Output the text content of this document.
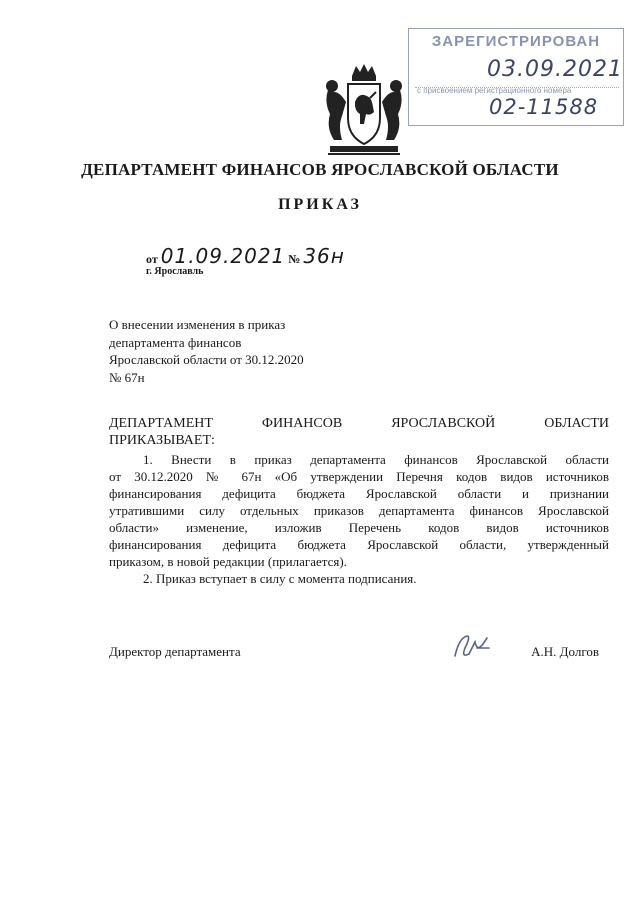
ЗАРЕГИСТРИРОВАН
03.09.2021
с присвоением регистрационного номера
02-11588
ДЕПАРТАМЕНТ ФИНАНСОВ ЯРОСЛАВСКОЙ ОБЛАСТИ
ПРИКАЗ
от 01.09.2021 № 36н
г. Ярославль
О внесении изменения в приказ
департамента финансов
Ярославской области от 30.12.2020
№ 67н
ДЕПАРТАМЕНТ	ФИНАНСОВ	ЯРОСЛАВСКОЙ	ОБЛАСТИ
ПРИКАЗЫВАЕТ:

1. Внести в приказ департамента финансов Ярославской области
от 30.12.2020 № 67н «Об утверждении Перечня кодов видов источников
финансирования дефицита бюджета Ярославской области и признании
утратившими силу отдельных приказов департамента финансов Ярославской
области» изменение, изложив Перечень кодов видов источников
финансирования дефицита бюджета Ярославской области, утвержденный
приказом, в новой редакции (прилагается).

2. Приказ вступает в силу с момента подписания.

Директор департамента	А.Н. Долгов
